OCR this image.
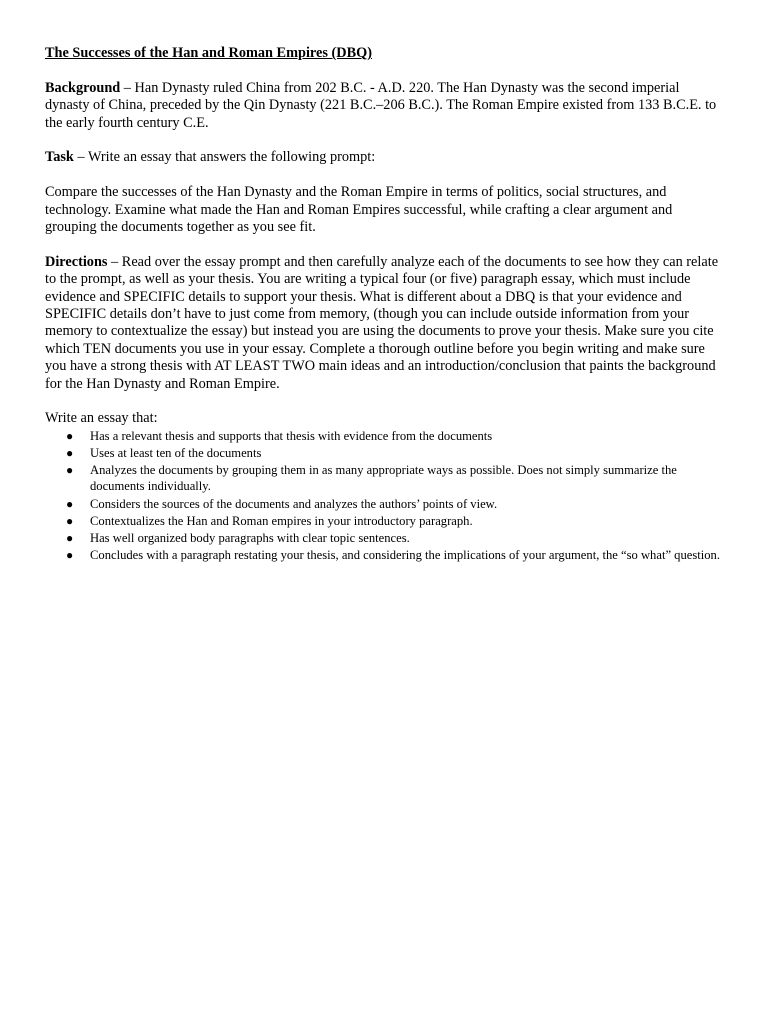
The Successes of the Han and Roman Empires (DBQ)

Background – Han Dynasty ruled China from 202 B.C. - A.D. 220. The Han Dynasty was the second imperial dynasty of China, preceded by the Qin Dynasty (221 B.C.–206 B.C.). The Roman Empire existed from 133 B.C.E. to the early fourth century C.E.

Task – Write an essay that answers the following prompt:

Compare the successes of the Han Dynasty and the Roman Empire in terms of politics, social structures, and technology. Examine what made the Han and Roman Empires successful, while crafting a clear argument and grouping the documents together as you see fit.

Directions – Read over the essay prompt and then carefully analyze each of the documents to see how they can relate to the prompt, as well as your thesis. You are writing a typical four (or five) paragraph essay, which must include evidence and SPECIFIC details to support your thesis. What is different about a DBQ is that your evidence and SPECIFIC details don’t have to just come from memory, (though you can include outside information from your memory to contextualize the essay) but instead you are using the documents to prove your thesis. Make sure you cite which TEN documents you use in your essay. Complete a thorough outline before you begin writing and make sure you have a strong thesis with AT LEAST TWO main ideas and an introduction/conclusion that paints the background for the Han Dynasty and Roman Empire.

Write an essay that:

● Has a relevant thesis and supports that thesis with evidence from the documents
● Uses at least ten of the documents
● Analyzes the documents by grouping them in as many appropriate ways as possible. Does not simply summarize the documents individually.
● Considers the sources of the documents and analyzes the authors’ points of view.
● Contextualizes the Han and Roman empires in your introductory paragraph.
● Has well organized body paragraphs with clear topic sentences.
● Concludes with a paragraph restating your thesis, and considering the implications of your argument, the “so what” question.
